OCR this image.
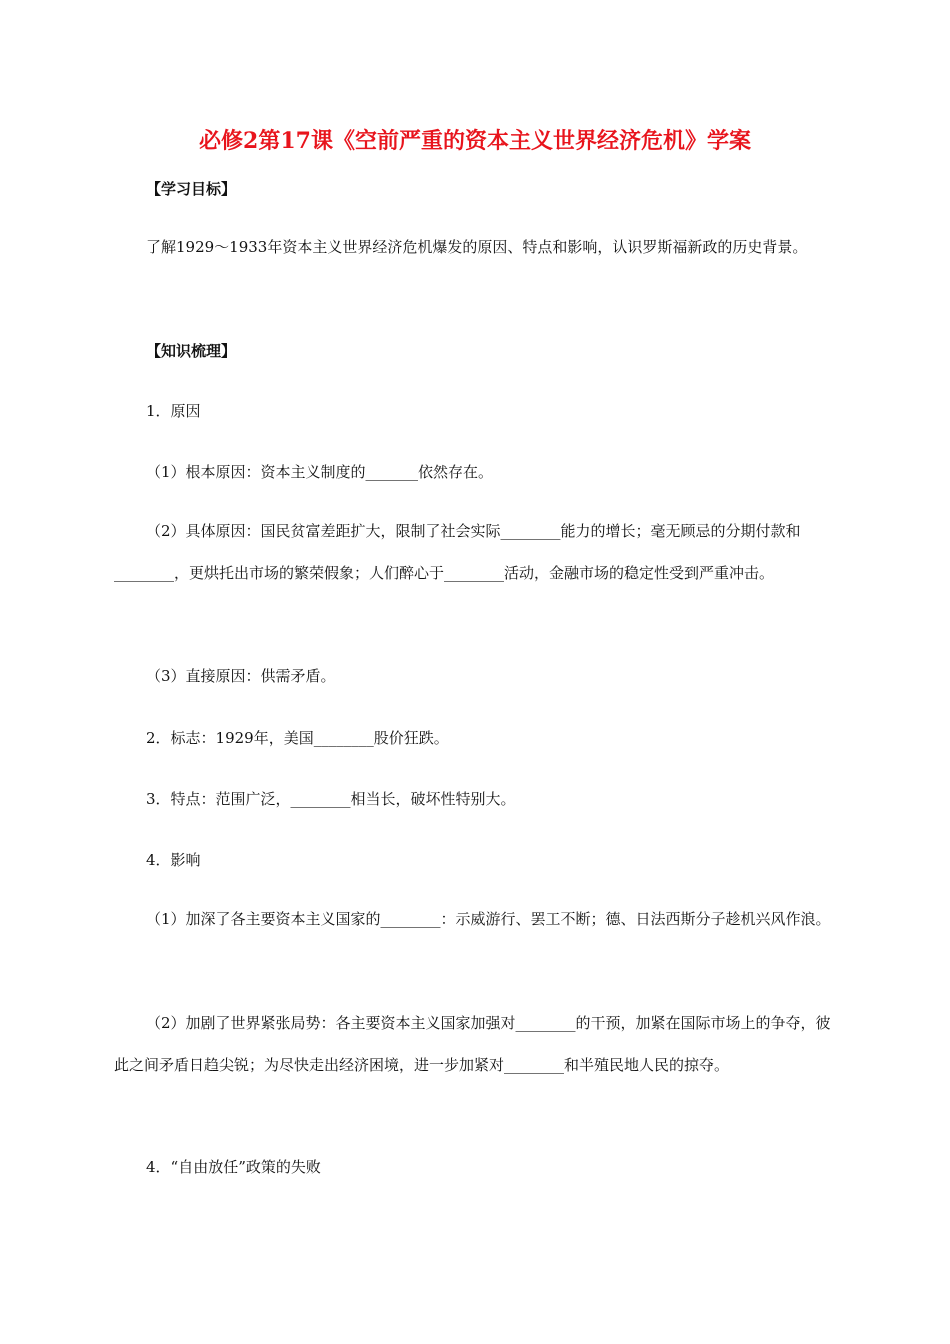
必修2第17课《空前严重的资本主义世界经济危机》学案
【学习目标】

了解1929～1933年资本主义世界经济危机爆发的原因、特点和影响，认识罗斯福新政的历史背景。

【知识梳理】
1．原因
（1）根本原因：资本主义制度的_______依然存在。

（2）具体原因：国民贫富差距扩大，限制了社会实际________能力的增长；毫无顾忌的分期付款和________，更烘托出市场的繁荣假象；人们醉心于________活动，金融市场的稳定性受到严重冲击。

（3）直接原因：供需矛盾。
2．标志：1929年，美国________股价狂跌。
3．特点：范围广泛，________相当长，破坏性特别大。
4．影响

（1）加深了各主要资本主义国家的________：示威游行、罢工不断；德、日法西斯分子趁机兴风作浪。

（2）加剧了世界紧张局势：各主要资本主义国家加强对________的干预，加紧在国际市场上的争夺，彼此之间矛盾日趋尖锐；为尽快走出经济困境，进一步加紧对________和半殖民地人民的掠夺。

4．“自由放任”政策的失败
